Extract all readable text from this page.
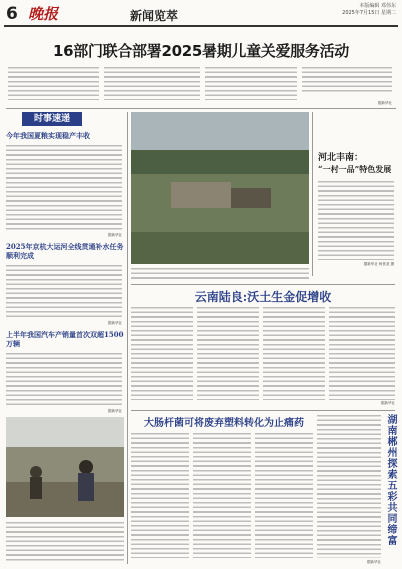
6 晚报	新闻览萃
本版编辑 邓伟东
2025年7月15日 星期二
16部门联合部署2025暑期儿童关爱服务活动
据新华社
时事速递
今年我国夏粮实现稳产丰收
据新华社
2025年京杭大运河全线贯通补水任务顺利完成
据新华社
上半年我国汽车产销量首次双超1500万辆
据新华社
河北丰南：
“一村一品”特色发展
据新华社 杨世尧 摄
云南陆良:沃土生金促增收
据新华社
大肠杆菌可将废弃塑料转化为止痛药	湖南郴州探索五彩共同缔富
据新华社
